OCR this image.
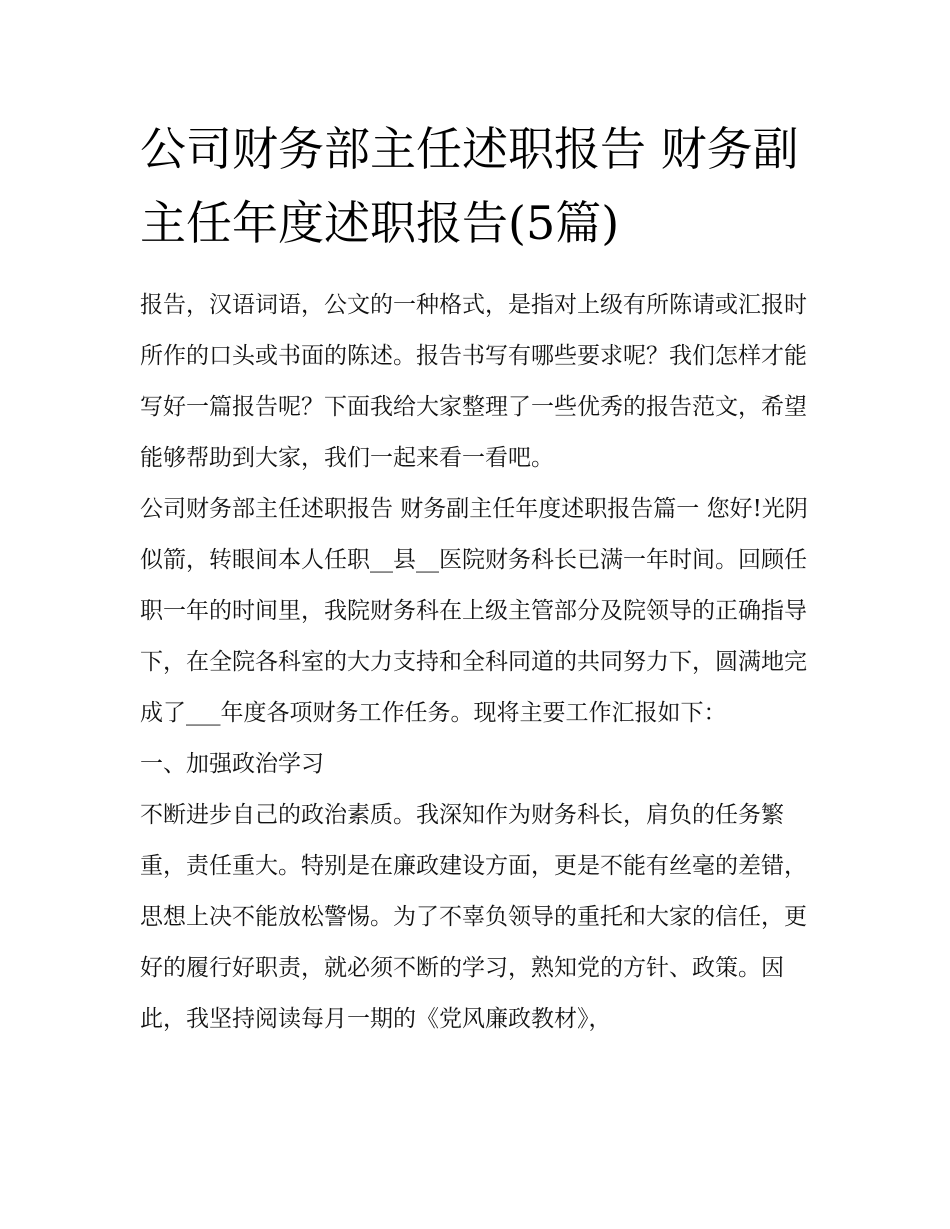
公司财务部主任述职报告 财务副主任年度述职报告(5篇)

报告，汉语词语，公文的一种格式，是指对上级有所陈请或汇报时所作的口头或书面的陈述。报告书写有哪些要求呢？我们怎样才能写好一篇报告呢？下面我给大家整理了一些优秀的报告范文，希望能够帮助到大家，我们一起来看一看吧。

公司财务部主任述职报告 财务副主任年度述职报告篇一 您好!光阴似箭，转眼间本人任职__县__医院财务科长已满一年时间。回顾任职一年的时间里，我院财务科在上级主管部分及院领导的正确指导下，在全院各科室的大力支持和全科同道的共同努力下，圆满地完成了___年度各项财务工作任务。现将主要工作汇报如下：

一、加强政治学习

不断进步自己的政治素质。我深知作为财务科长，肩负的任务繁重，责任重大。特别是在廉政建设方面，更是不能有丝毫的差错，思想上决不能放松警惕。为了不辜负领导的重托和大家的信任，更好的履行好职责，就必须不断的学习，熟知党的方针、政策。因此，我坚持阅读每月一期的《党风廉政教材》，
